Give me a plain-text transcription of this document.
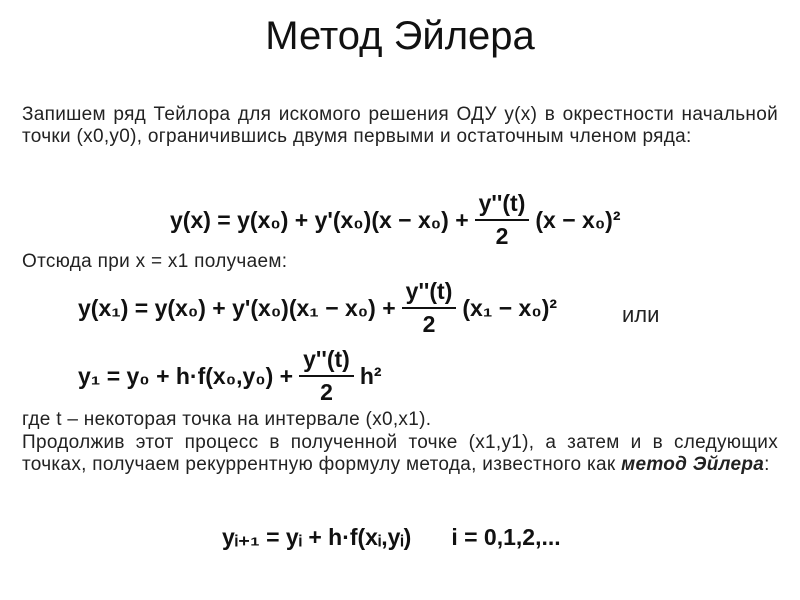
Метод Эйлера
Запишем ряд Тейлора для искомого решения ОДУ y(x) в окрестности начальной точки (x0,y0), ограничившись двумя первыми и остаточным членом ряда:
$y(x) = y(x_0) + y'(x_0)(x - x_0) + \frac{y''(t)}{2} (x - x_0)^2$
Отсюда при x = x1 получаем:
$y(x_1) = y(x_0) + y'(x_0)(x_1 - x_0) + \frac{y''(t)}{2} (x_1 - x_0)^2$	или
$y_1 = y_0 + h\cdot f(x_0,y_0) + \frac{y''(t)}{2} h^2$
где t – некоторая точка на интервале (x0,x1).
Продолжив этот процесс в полученной точке (x1,y1), а затем и в следующих точках, получаем рекуррентную формулу метода, известного как метод Эйлера:
yᵢ₊₁ = yᵢ + h·f(xᵢ,yᵢ) i = 0,1,2,...
